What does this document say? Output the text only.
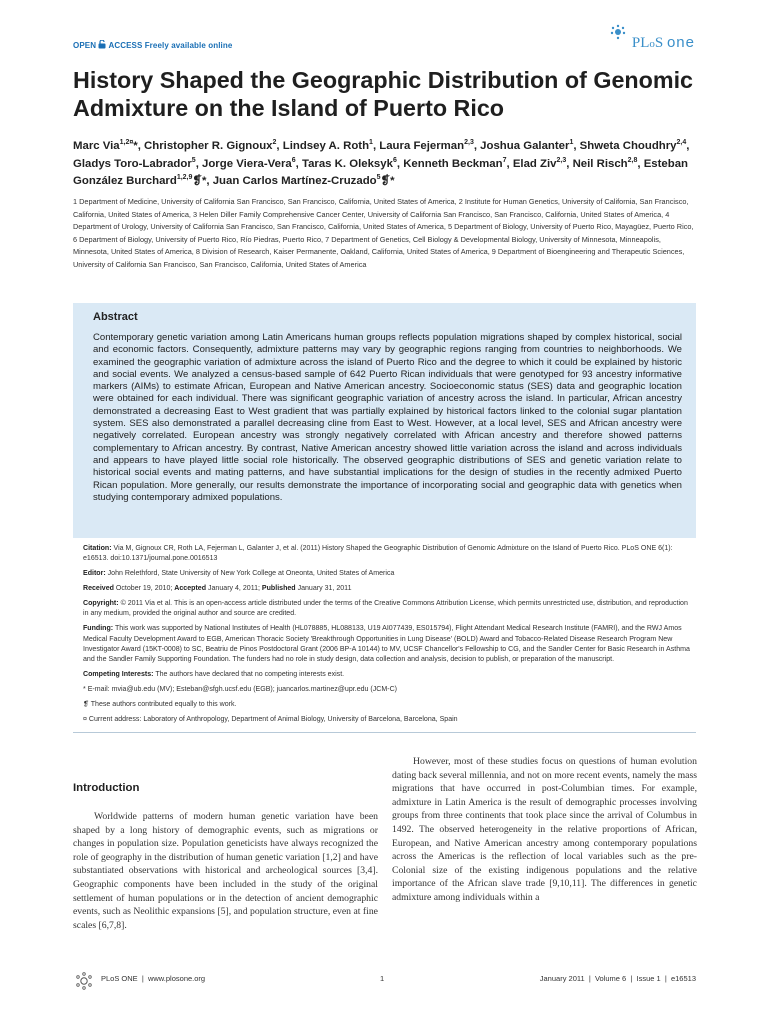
OPEN ACCESS Freely available online	PLoS one
History Shaped the Geographic Distribution of Genomic Admixture on the Island of Puerto Rico
Marc Via$^{1,2¤}$*, Christopher R. Gignoux$^2$, Lindsey A. Roth$^1$, Laura Fejerman$^{2,3}$, Joshua Galanter$^1$, Shweta Choudhry$^{2,4}$, Gladys Toro-Labrador$^5$, Jorge Viera-Vera$^6$, Taras K. Oleksyk$^6$, Kenneth Beckman$^7$, Elad Ziv$^{2,3}$, Neil Risch$^{2,8}$, Esteban González Burchard$^{1,2,9}$❡*, Juan Carlos Martínez-Cruzado$^5$❡*
1 Department of Medicine, University of California San Francisco, San Francisco, California, United States of America, 2 Institute for Human Genetics, University of California, San Francisco, California, United States of America, 3 Helen Diller Family Comprehensive Cancer Center, University of California San Francisco, San Francisco, California, United States of America, 4 Department of Urology, University of California San Francisco, San Francisco, California, United States of America, 5 Department of Biology, University of Puerto Rico, Mayagüez, Puerto Rico, 6 Department of Biology, University of Puerto Rico, Río Piedras, Puerto Rico, 7 Department of Genetics, Cell Biology & Developmental Biology, University of Minnesota, Minneapolis, Minnesota, United States of America, 8 Division of Research, Kaiser Permanente, Oakland, California, United States of America, 9 Department of Bioengineering and Therapeutic Sciences, University of California San Francisco, San Francisco, California, United States of America
Abstract
Contemporary genetic variation among Latin Americans human groups reflects population migrations shaped by complex historical, social and economic factors. Consequently, admixture patterns may vary by geographic regions ranging from countries to neighborhoods. We examined the geographic variation of admixture across the island of Puerto Rico and the degree to which it could be explained by historic and social events. We analyzed a census-based sample of 642 Puerto Rican individuals that were genotyped for 93 ancestry informative markers (AIMs) to estimate African, European and Native American ancestry. Socioeconomic status (SES) data and geographic location were obtained for each individual. There was significant geographic variation of ancestry across the island. In particular, African ancestry demonstrated a decreasing East to West gradient that was partially explained by historical factors linked to the colonial sugar plantation system. SES also demonstrated a parallel decreasing cline from East to West. However, at a local level, SES and African ancestry were negatively correlated. European ancestry was strongly negatively correlated with African ancestry and therefore showed patterns complementary to African ancestry. By contrast, Native American ancestry showed little variation across the island and across individuals and appears to have played little social role historically. The observed geographic distributions of SES and genetic variation relate to historical social events and mating patterns, and have substantial implications for the design of studies in the recently admixed Puerto Rican population. More generally, our results demonstrate the importance of incorporating social and geographic data with genetics when studying contemporary admixed populations.

Citation: Via M, Gignoux CR, Roth LA, Fejerman L, Galanter J, et al. (2011) History Shaped the Geographic Distribution of Genomic Admixture on the Island of Puerto Rico. PLoS ONE 6(1): e16513. doi:10.1371/journal.pone.0016513

Editor: John Relethford, State University of New York College at Oneonta, United States of America

Received October 19, 2010; Accepted January 4, 2011; Published January 31, 2011

Copyright: © 2011 Via et al. This is an open-access article distributed under the terms of the Creative Commons Attribution License, which permits unrestricted use, distribution, and reproduction in any medium, provided the original author and source are credited.

Funding: This work was supported by National Institutes of Health (HL078885, HL088133, U19 AI077439, ES015794), Flight Attendant Medical Research Institute (FAMRI), and the RWJ Amos Medical Faculty Development Award to EGB, American Thoracic Society 'Breakthrough Opportunities in Lung Disease' (BOLD) Award and Tobacco-Related Disease Research Program New Investigator Award (15KT-0008) to SC, Beatriu de Pinos Postdoctoral Grant (2006 BP-A 10144) to MV, UCSF Chancellor's Fellowship to CG, and the Sandler Center for Basic Research in Asthma and the Sandler Family Supporting Foundation. The funders had no role in study design, data collection and analysis, decision to publish, or preparation of the manuscript.

Competing Interests: The authors have declared that no competing interests exist.

* E-mail: mvia@ub.edu (MV); Esteban@sfgh.ucsf.edu (EGB); juancarlos.martinez@upr.edu (JCM-C)

❡ These authors contributed equally to this work.

¤ Current address: Laboratory of Anthropology, Department of Animal Biology, University of Barcelona, Barcelona, Spain

Introduction
Worldwide patterns of modern human genetic variation have been shaped by a long history of demographic events, such as migrations or changes in population size. Population geneticists have always recognized the role of geography in the distribution of human genetic variation [1,2] and have substantiated observations with historical and archeological sources [3,4]. Geographic components have been included in the study of the original settlement of human populations or in the detection of ancient demographic events, such as Neolithic expansions [5], and population structure, even at fine scales [6,7,8].
However, most of these studies focus on questions of human evolution dating back several millennia, and not on more recent events, namely the mass migrations that have occurred in post-Columbian times. For example, admixture in Latin America is the result of demographic processes involving groups from three continents that took place since the arrival of Columbus in 1492. The observed heterogeneity in the relative proportions of African, European, and Native American ancestry among contemporary populations across the Americas is the reflection of local variables such as the pre-Colonial size of the existing indigenous populations and the relative importance of the African slave trade [9,10,11]. The differences in genetic admixture among individuals within a
PLoS ONE  |  www.plosone.org	1	January 2011  |  Volume 6  |  Issue 1  |  e16513
